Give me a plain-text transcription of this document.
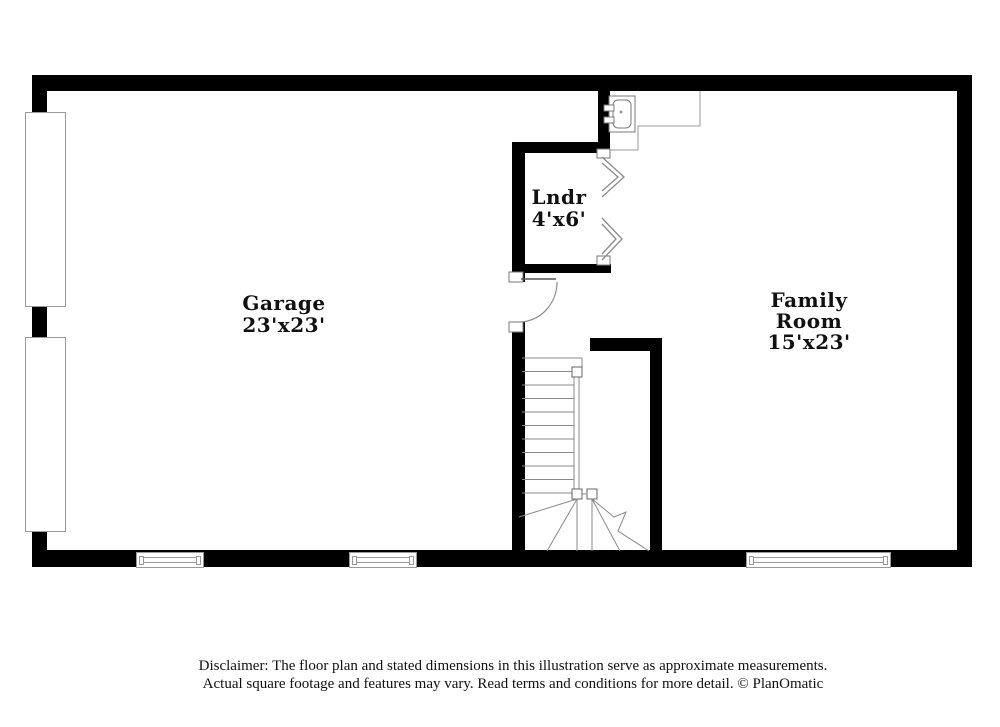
Garage
23'x23'
Lndr
4'x6'
Family
Room
15'x23'
Disclaimer: The floor plan and stated dimensions in this illustration serve as approximate measurements.
Actual square footage and features may vary. Read terms and conditions for more detail. © PlanOmatic
